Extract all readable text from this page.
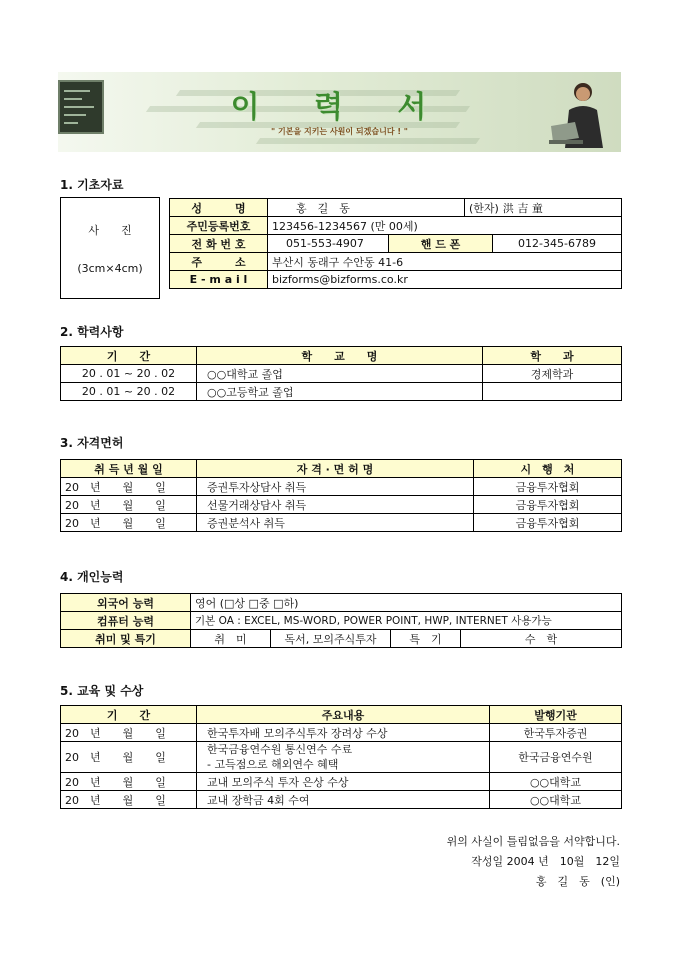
이 력 서
" 기본을 지키는 사원이 되겠습니다 ! "
1. 기초자료
사　　진
(3cm×4cm)
성　　　명	홍　길　동		(한자) 洪 吉 童	
주민등록번호	123456-1234567 (만 00세)			
전 화 번 호	051-553-4907	핸 드 폰		012-345-6789
주　　　소	부산시 동래구 수안동 41-6			
E - m a i l	bizforms@bizforms.co.kr			
2. 학력사항
기　　간	학　　교　　명	학　　과
20 . 01 ~ 20 . 02	○○대학교 졸업	경제학과
20 . 01 ~ 20 . 02	○○고등학교 졸업	
3. 자격면허
취 득 년 월 일	자 격 · 면 허 명	시　행　처
20　년　　월　　일	증권투자상담사 취득	금융투자협회
20　년　　월　　일	선물거래상담사 취득	금융투자협회
20　년　　월　　일	증권분석사 취득	금융투자협회
4. 개인능력
외국어 능력	영어 (□상 □중 □하)			
컴퓨터 능력	기본 OA : EXCEL, MS-WORD, POWER POINT, HWP, INTERNET 사용가능			
취미 및 특기	취　미	독서, 모의주식투자	특　기	수　학
5. 교육 및 수상
기　　간	주요내용	발행기관
20　년　　월　　일	한국투자배 모의주식투자 장려상 수상	한국투자증권
20　년　　월　　일	한국금융연수원 통신연수 수료
- 고득점으로 해외연수 혜택	한국금융연수원
20　년　　월　　일	교내 모의주식 투자 은상 수상	○○대학교
20　년　　월　　일	교내 장학금 4회 수여	○○대학교
위의 사실이 틀림없음을 서약합니다.
작성일 2004 년　10월　12일
홍　길　동　(인)
